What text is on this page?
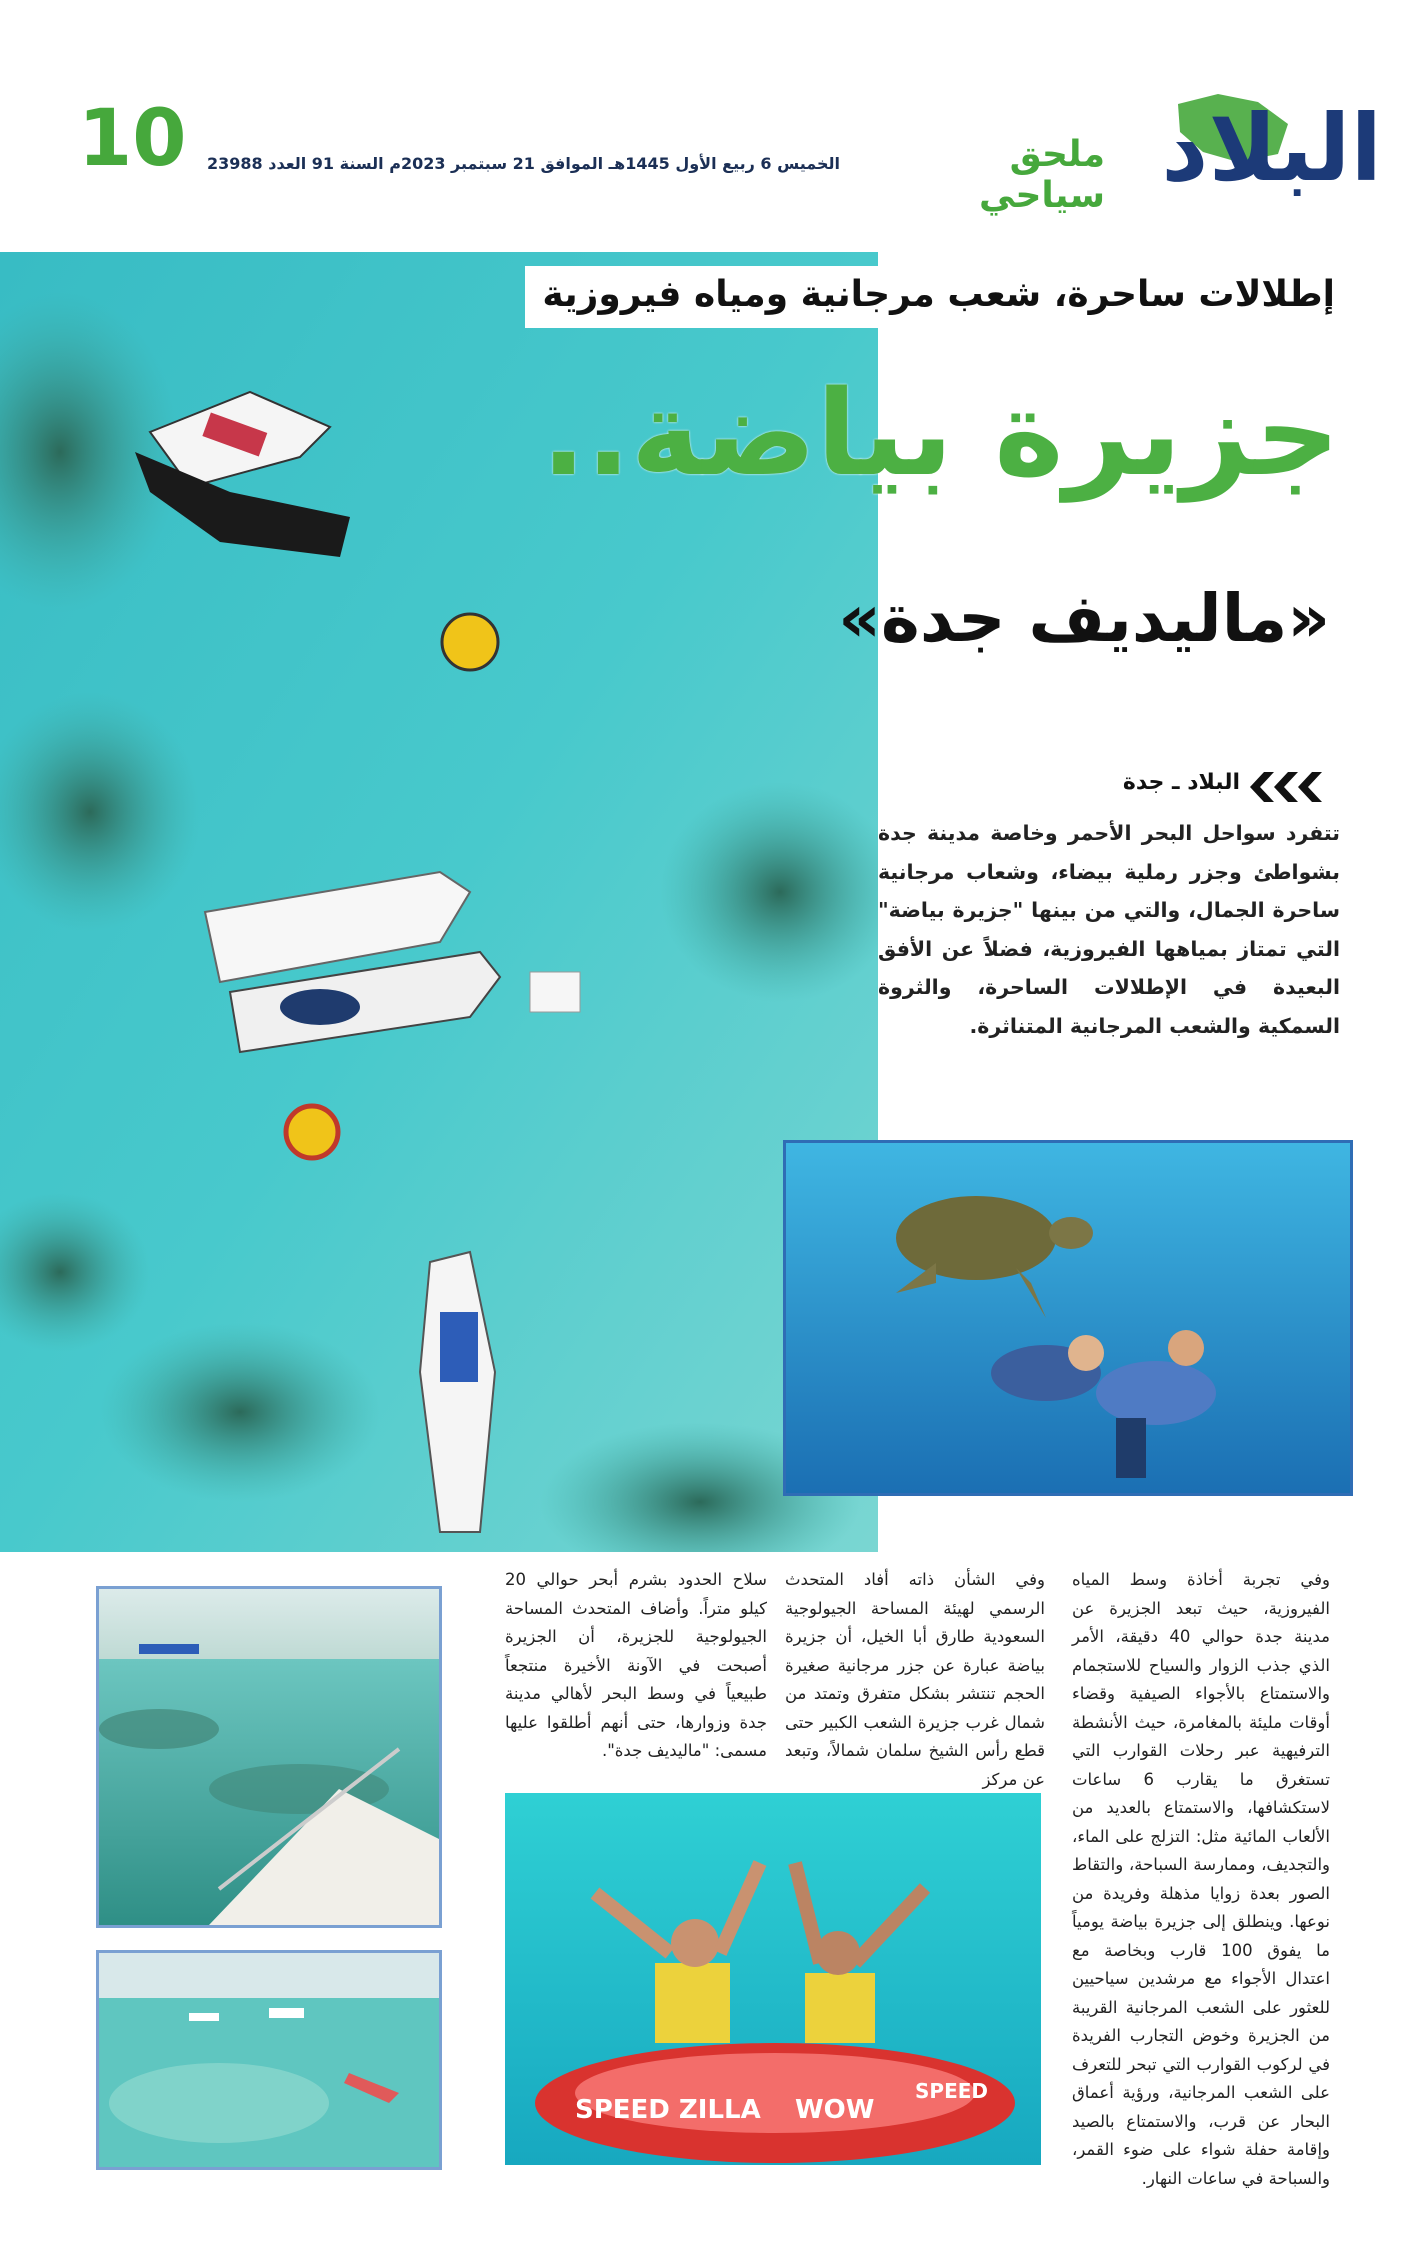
10 الخميس 6 ربيع الأول 1445هـ الموافق 21 سبتمبر 2023م السنة 91 العدد 23988	ملحق سياحي البلاد
إطلالات ساحرة، شعب مرجانية ومياه فيروزية
جزيرة بياضة..
«ماليديف جدة»
البلاد ـ جدة
تتفرد سواحل البحر الأحمر وخاصة مدينة جدة بشواطئ وجزر رملية بيضاء، وشعاب مرجانية ساحرة الجمال، والتي من بينها "جزيرة بياضة" التي تمتاز بمياهها الفيروزية، فضلاً عن الأفق البعيدة في الإطلالات الساحرة، والثروة السمكية والشعب المرجانية المتناثرة.
SPEED ZILLA WOW
SPEED
وفي تجربة أخاذة وسط المياه الفيروزية، حيث تبعد الجزيرة عن مدينة جدة حوالي 40 دقيقة، الأمر الذي جذب الزوار والسياح للاستجمام والاستمتاع بالأجواء الصيفية وقضاء أوقات مليئة بالمغامرة، حيث الأنشطة الترفيهية عبر رحلات القوارب التي تستغرق ما يقارب 6 ساعات لاستكشافها، والاستمتاع بالعديد من الألعاب المائية مثل: التزلج على الماء، والتجديف، وممارسة السباحة، والتقاط الصور بعدة زوايا مذهلة وفريدة من نوعها. وينطلق إلى جزيرة بياضة يومياً ما يفوق 100 قارب وبخاصة مع اعتدال الأجواء مع مرشدين سياحيين للعثور على الشعب المرجانية القريبة من الجزيرة وخوض التجارب الفريدة في لركوب القوارب التي تبحر للتعرف على الشعب المرجانية، ورؤية أعماق البحار عن قرب، والاستمتاع بالصيد وإقامة حفلة شواء على ضوء القمر، والسباحة في ساعات النهار.
وفي الشأن ذاته أفاد المتحدث الرسمي لهيئة المساحة الجيولوجية السعودية طارق أبا الخيل، أن جزيرة بياضة عبارة عن جزر مرجانية صغيرة الحجم تنتشر بشكل متفرق وتمتد من شمال غرب جزيرة الشعب الكبير حتى قطع رأس الشيخ سلمان شمالاً، وتبعد عن مركز
سلاح الحدود بشرم أبحر حوالي 20 كيلو متراً. وأضاف المتحدث المساحة الجيولوجية للجزيرة، أن الجزيرة أصبحت في الآونة الأخيرة منتجعاً طبيعياً في وسط البحر لأهالي مدينة جدة وزوارها، حتى أنهم أطلقوا عليها مسمى: "ماليديف جدة".
